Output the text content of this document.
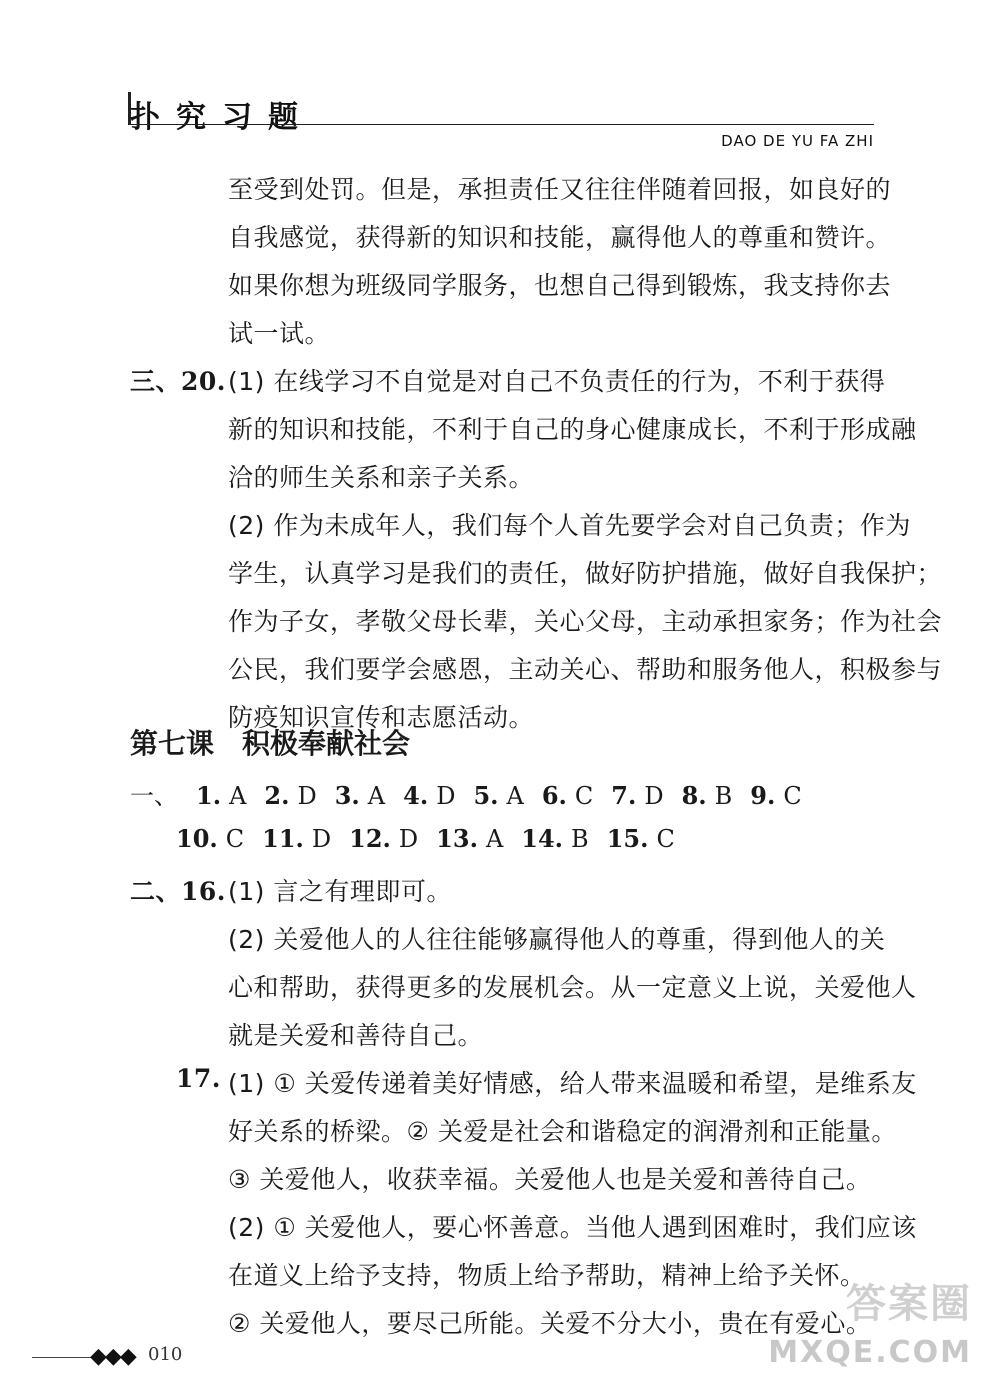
扑究习题
DAO DE YU FA ZHI
至受到处罚。但是，承担责任又往往伴随着回报，如良好的
自我感觉，获得新的知识和技能，赢得他人的尊重和赞许。
如果你想为班级同学服务，也想自己得到锻炼，我支持你去
试一试。
三、20. (1) 在线学习不自觉是对自己不负责任的行为，不利于获得
新的知识和技能，不利于自己的身心健康成长，不利于形成融
洽的师生关系和亲子关系。
(2) 作为未成年人，我们每个人首先要学会对自己负责；作为
学生，认真学习是我们的责任，做好防护措施，做好自我保护；
作为子女，孝敬父母长辈，关心父母，主动承担家务；作为社会
公民，我们要学会感恩，主动关心、帮助和服务他人，积极参与
防疫知识宣传和志愿活动。
第七课 积极奉献社会
一、 1. A 2. D 3. A 4. D 5. A 6. C 7. D 8. B 9. C
10. C 11. D 12. D 13. A 14. B 15. C
二、16. (1) 言之有理即可。
(2) 关爱他人的人往往能够赢得他人的尊重，得到他人的关
心和帮助，获得更多的发展机会。从一定意义上说，关爱他人
就是关爱和善待自己。
17. (1) ① 关爱传递着美好情感，给人带来温暖和希望，是维系友
好关系的桥梁。② 关爱是社会和谐稳定的润滑剂和正能量。
③ 关爱他人，收获幸福。关爱他人也是关爱和善待自己。
(2) ① 关爱他人，要心怀善意。当他人遇到困难时，我们应该
在道义上给予支持，物质上给予帮助，精神上给予关怀。
② 关爱他人，要尽己所能。关爱不分大小，贵在有爱心。
◆◆◆ 010
答案圈
MXQE.COM
